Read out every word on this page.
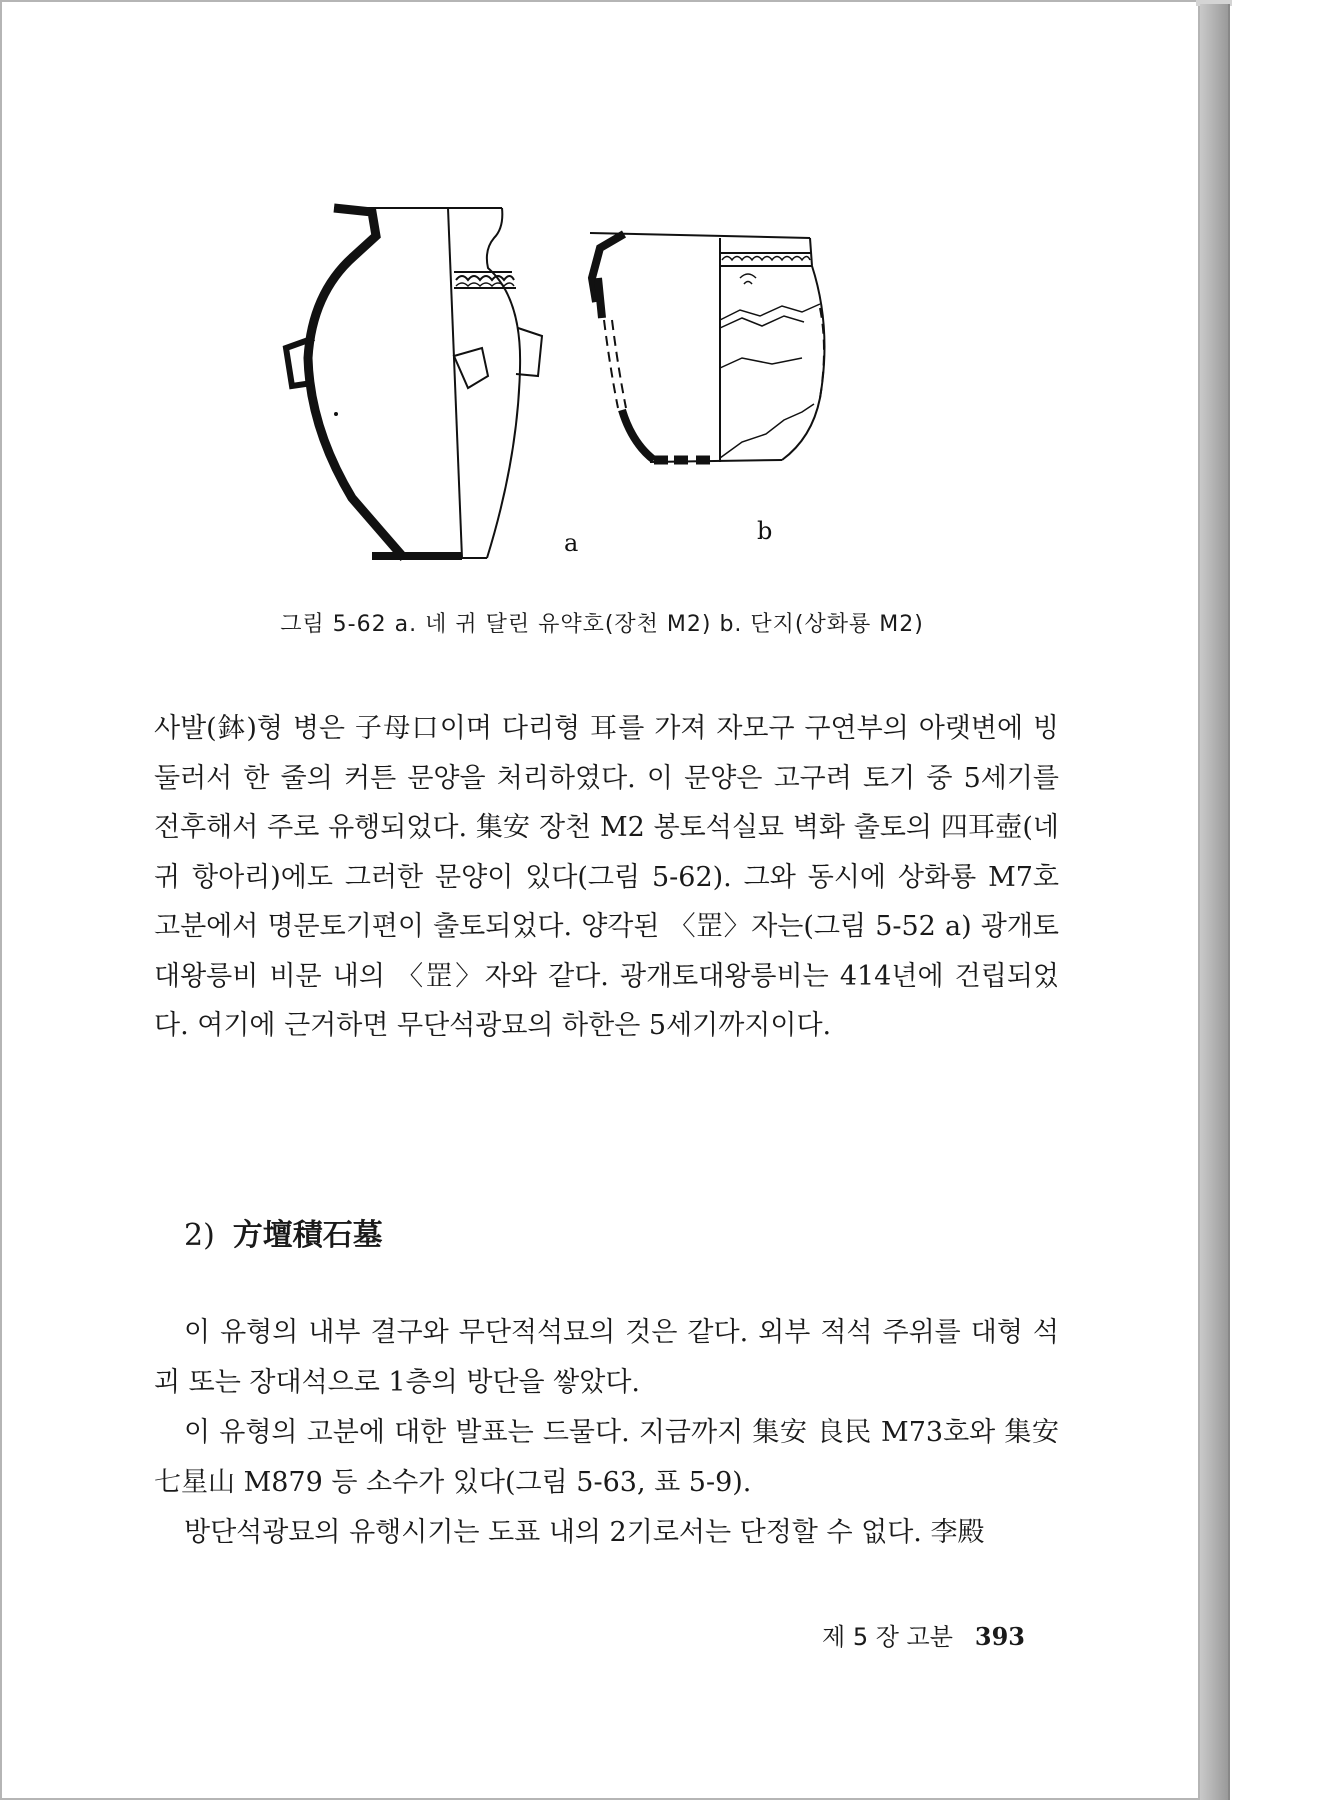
a	b
그림 5-62 a. 네 귀 달린 유약호(장천 M2) b. 단지(상화룡 M2)
사발(鉢)형 병은 子母口이며 다리형 耳를 가져 자모구 구연부의 아랫변에 빙 둘러서 한 줄의 커튼 문양을 처리하였다. 이 문양은 고구려 토기 중 5세기를 전후해서 주로 유행되었다. 集安 장천 M2 봉토석실묘 벽화 출토의 四耳壺(네 귀 항아리)에도 그러한 문양이 있다(그림 5-62). 그와 동시에 상화룡 M7호 고분에서 명문토기편이 출토되었다. 양각된 〈罡〉자는(그림 5-52 a) 광개토대왕릉비 비문 내의 〈罡〉자와 같다. 광개토대왕릉비는 414년에 건립되었다. 여기에 근거하면 무단석광묘의 하한은 5세기까지이다.
2) 方壇積石墓
이 유형의 내부 결구와 무단적석묘의 것은 같다. 외부 적석 주위를 대형 석괴 또는 장대석으로 1층의 방단을 쌓았다.
이 유형의 고분에 대한 발표는 드물다. 지금까지 集安 良民 M73호와 集安 七星山 M879 등 소수가 있다(그림 5-63, 표 5-9).
방단석광묘의 유행시기는 도표 내의 2기로서는 단정할 수 없다. 李殿
제 5 장 고분 393
